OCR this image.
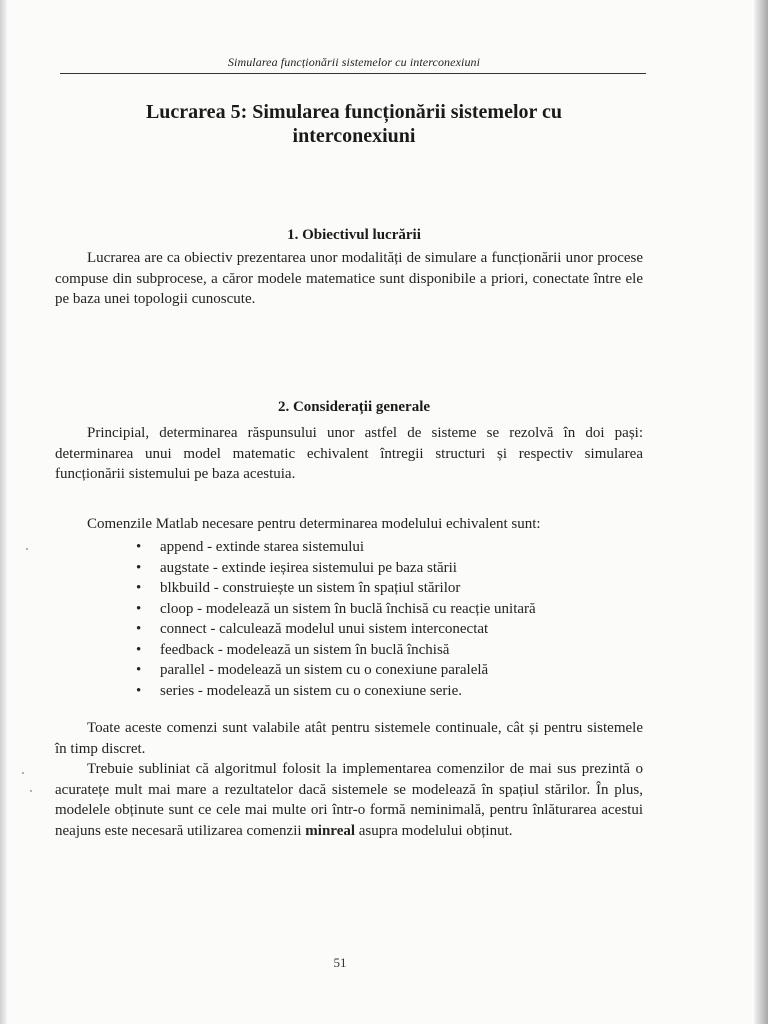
Simularea funcționării sistemelor cu interconexiuni
Lucrarea 5: Simularea funcționării sistemelor cu
interconexiuni
1. Obiectivul lucrării

Lucrarea are ca obiectiv prezentarea unor modalități de simulare a funcționării unor procese compuse din subprocese, a căror modele matematice sunt disponibile a priori, conectate între ele pe baza unei topologii cunoscute.

2. Considerații generale

Principial, determinarea răspunsului unor astfel de sisteme se rezolvă în doi pași: determinarea unui model matematic echivalent întregii structuri și respectiv simularea funcționării sistemului pe baza acestuia.

Comenzile Matlab necesare pentru determinarea modelului echivalent sunt:

• append - extinde starea sistemului
• augstate - extinde ieșirea sistemului pe baza stării
• blkbuild - construiește un sistem în spațiul stărilor
• cloop - modelează un sistem în buclă închisă cu reacție unitară
• connect - calculează modelul unui sistem interconectat
• feedback - modelează un sistem în buclă închisă
• parallel - modelează un sistem cu o conexiune paralelă
• series - modelează un sistem cu o conexiune serie.

Toate aceste comenzi sunt valabile atât pentru sistemele continuale, cât și pentru sistemele în timp discret.

Trebuie subliniat că algoritmul folosit la implementarea comenzilor de mai sus prezintă o acuratețe mult mai mare a rezultatelor dacă sistemele se modelează în spațiul stărilor. În plus, modelele obținute sunt ce cele mai multe ori într-o formă neminimală, pentru înlăturarea acestui neajuns este necesară utilizarea comenzii minreal asupra modelului obținut.

51
